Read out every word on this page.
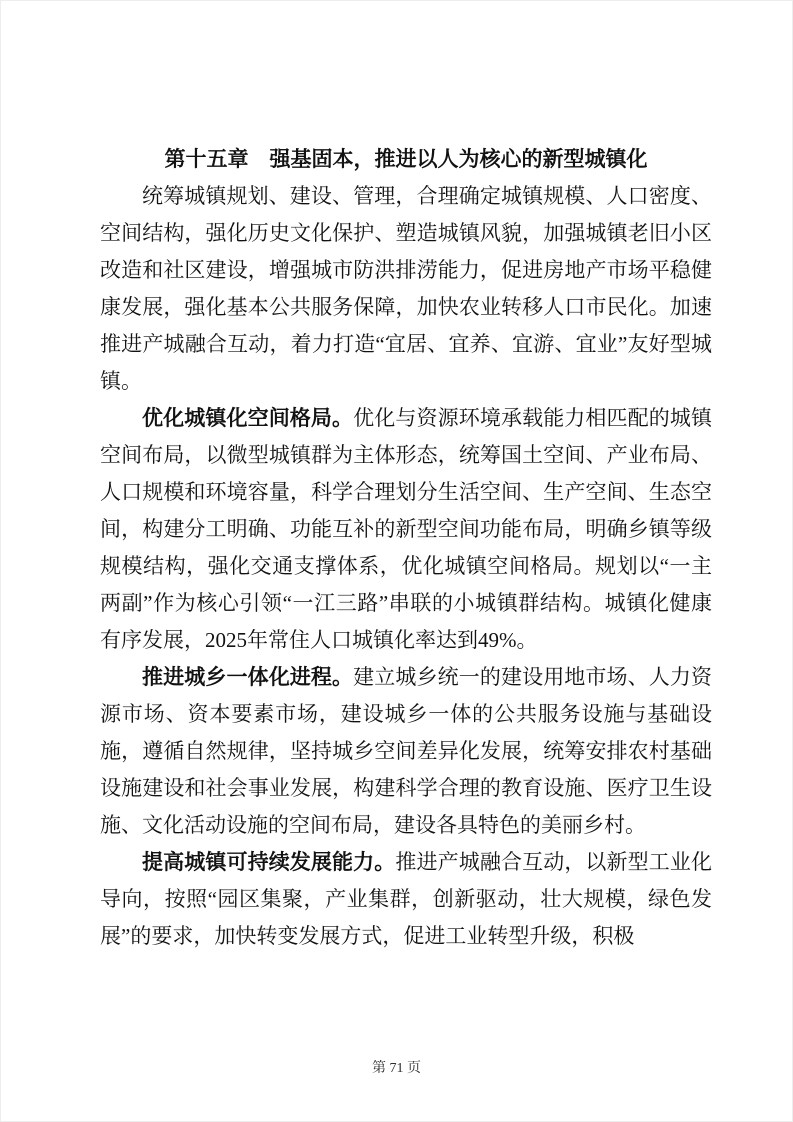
第十五章　强基固本，推进以人为核心的新型城镇化

统筹城镇规划、建设、管理，合理确定城镇规模、人口密度、空间结构，强化历史文化保护、塑造城镇风貌，加强城镇老旧小区改造和社区建设，增强城市防洪排涝能力，促进房地产市场平稳健康发展，强化基本公共服务保障，加快农业转移人口市民化。加速推进产城融合互动，着力打造“宜居、宜养、宜游、宜业”友好型城镇。

优化城镇化空间格局。优化与资源环境承载能力相匹配的城镇空间布局，以微型城镇群为主体形态，统筹国土空间、产业布局、人口规模和环境容量，科学合理划分生活空间、生产空间、生态空间，构建分工明确、功能互补的新型空间功能布局，明确乡镇等级规模结构，强化交通支撑体系，优化城镇空间格局。规划以“一主两副”作为核心引领“一江三路”串联的小城镇群结构。城镇化健康有序发展，2025年常住人口城镇化率达到49%。

推进城乡一体化进程。建立城乡统一的建设用地市场、人力资源市场、资本要素市场，建设城乡一体的公共服务设施与基础设施，遵循自然规律，坚持城乡空间差异化发展，统筹安排农村基础设施建设和社会事业发展，构建科学合理的教育设施、医疗卫生设施、文化活动设施的空间布局，建设各具特色的美丽乡村。

提高城镇可持续发展能力。推进产城融合互动，以新型工业化导向，按照“园区集聚，产业集群，创新驱动，壮大规模，绿色发展”的要求，加快转变发展方式，促进工业转型升级，积极

第 71 页
